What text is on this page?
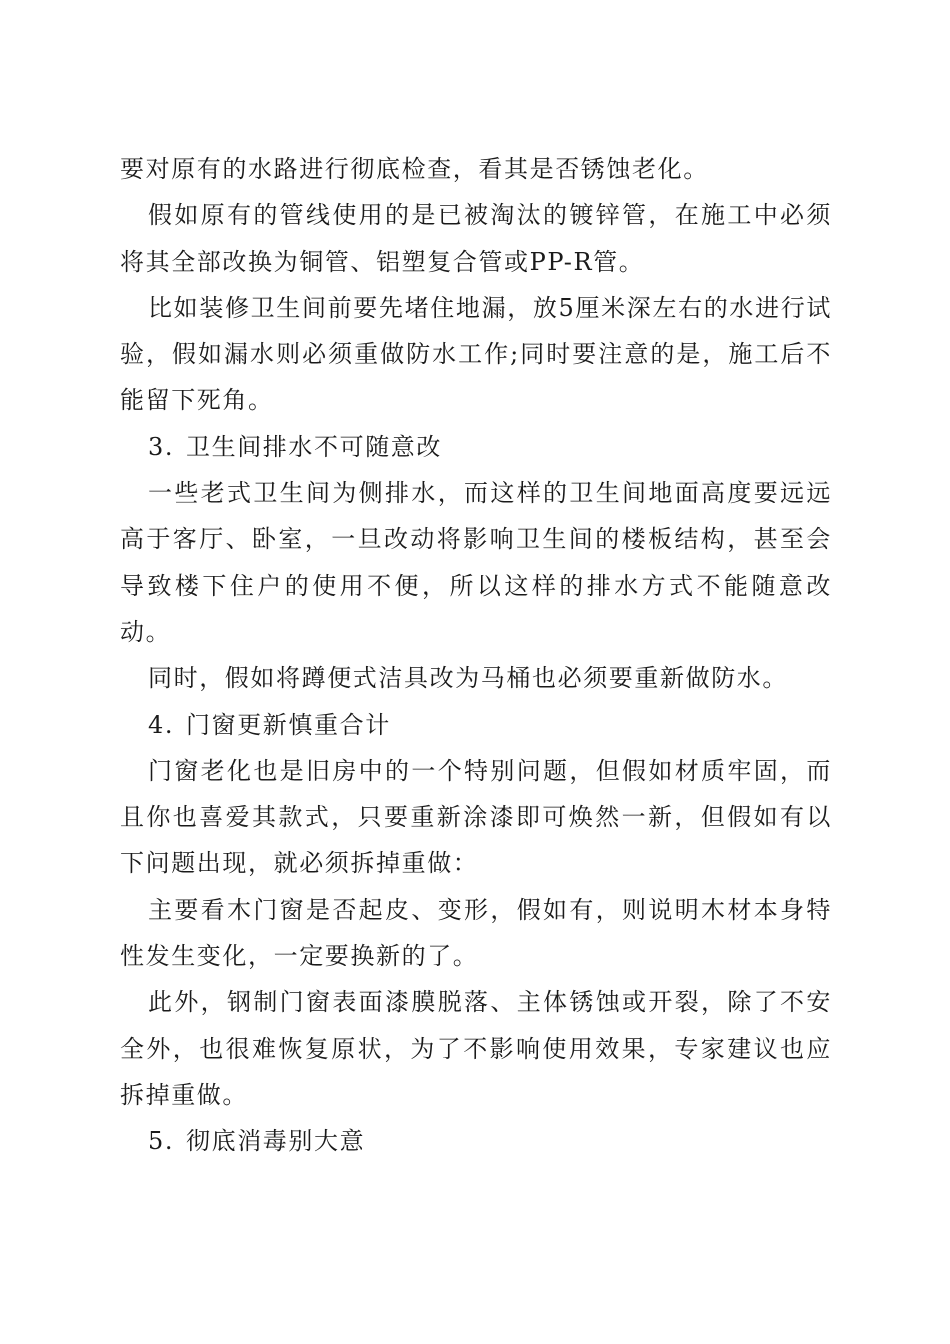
要对原有的水路进行彻底检查，看其是否锈蚀老化。

假如原有的管线使用的是已被淘汰的镀锌管，在施工中必须将其全部改换为铜管、铝塑复合管或PP-R管。

比如装修卫生间前要先堵住地漏，放5厘米深左右的水进行试验，假如漏水则必须重做防水工作;同时要注意的是，施工后不能留下死角。

3. 卫生间排水不可随意改

一些老式卫生间为侧排水，而这样的卫生间地面高度要远远高于客厅、卧室，一旦改动将影响卫生间的楼板结构，甚至会导致楼下住户的使用不便，所以这样的排水方式不能随意改动。

同时，假如将蹲便式洁具改为马桶也必须要重新做防水。

4. 门窗更新慎重合计

门窗老化也是旧房中的一个特别问题，但假如材质牢固，而且你也喜爱其款式，只要重新涂漆即可焕然一新，但假如有以下问题出现，就必须拆掉重做：

主要看木门窗是否起皮、变形，假如有，则说明木材本身特性发生变化，一定要换新的了。

此外，钢制门窗表面漆膜脱落、主体锈蚀或开裂，除了不安全外，也很难恢复原状，为了不影响使用效果，专家建议也应拆掉重做。

5. 彻底消毒别大意
